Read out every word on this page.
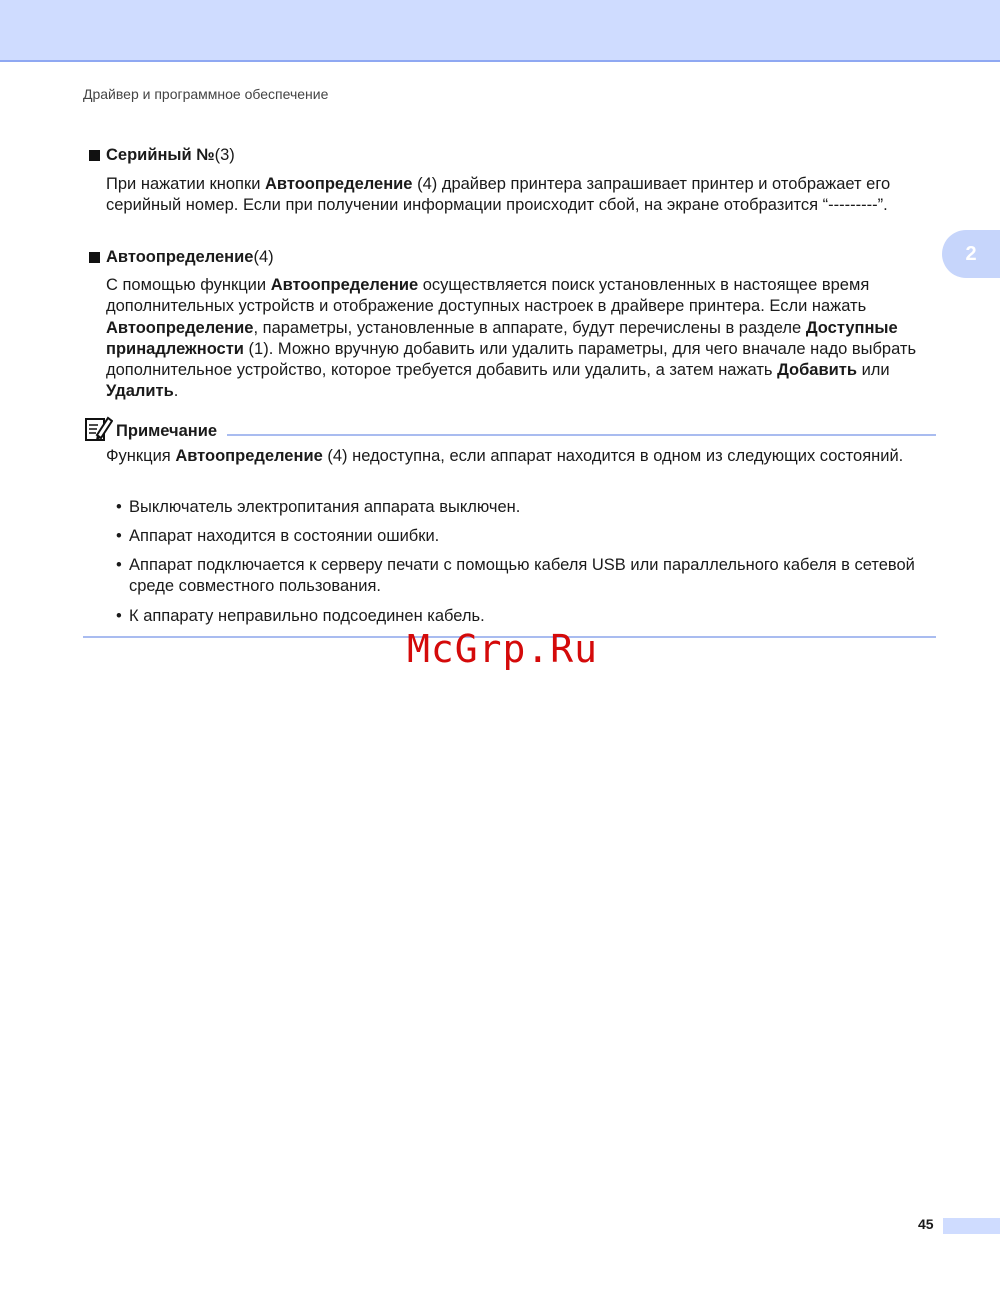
Драйвер и программное обеспечение
2
Серийный № (3)

При нажатии кнопки Автоопределение (4) драйвер принтера запрашивает принтер и отображает его серийный номер. Если при получении информации происходит сбой, на экране отобразится “---------”.

Автоопределение (4)

С помощью функции Автоопределение осуществляется поиск установленных в настоящее время дополнительных устройств и отображение доступных настроек в драйвере принтера. Если нажать Автоопределение, параметры, установленные в аппарате, будут перечислены в разделе Доступные принадлежности (1). Можно вручную добавить или удалить параметры, для чего вначале надо выбрать дополнительное устройство, которое требуется добавить или удалить, а затем нажать Добавить или Удалить.

Примечание

Функция Автоопределение (4) недоступна, если аппарат находится в одном из следующих состояний.

• Выключатель электропитания аппарата выключен.
• Аппарат находится в состоянии ошибки.
• Аппарат подключается к серверу печати с помощью кабеля USB или параллельного кабеля в сетевой среде совместного пользования.
• К аппарату неправильно подсоединен кабель.
McGrp.Ru
45
